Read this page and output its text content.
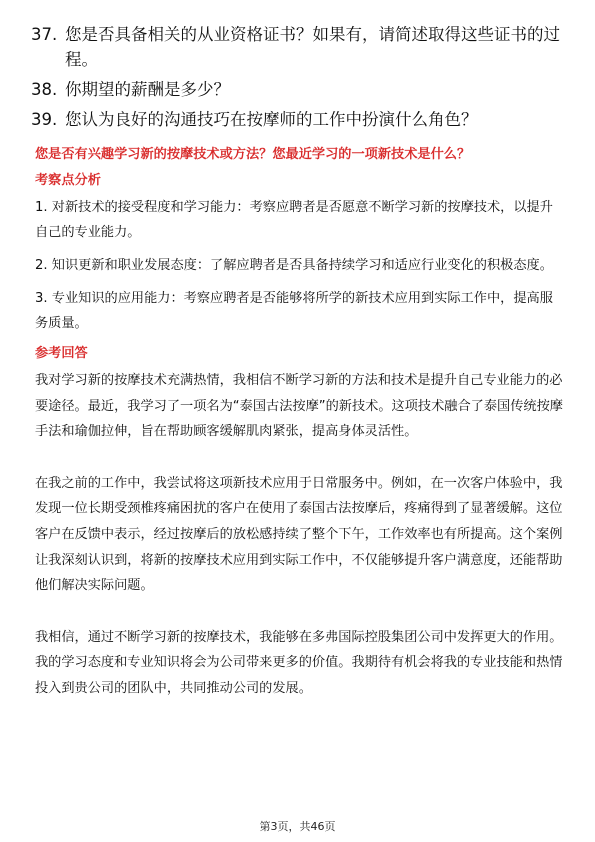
37. 您是否具备相关的从业资格证书？如果有，请简述取得这些证书的过程。
38. 你期望的薪酬是多少？
39. 您认为良好的沟通技巧在按摩师的工作中扮演什么角色？

您是否有兴趣学习新的按摩技术或方法？您最近学习的一项新技术是什么？

考察点分析

1. 对新技术的接受程度和学习能力：考察应聘者是否愿意不断学习新的按摩技术，以提升自己的专业能力。

2. 知识更新和职业发展态度：了解应聘者是否具备持续学习和适应行业变化的积极态度。

3. 专业知识的应用能力：考察应聘者是否能够将所学的新技术应用到实际工作中，提高服务质量。

参考回答

我对学习新的按摩技术充满热情，我相信不断学习新的方法和技术是提升自己专业能力的必要途径。最近，我学习了一项名为“泰国古法按摩”的新技术。这项技术融合了泰国传统按摩手法和瑜伽拉伸，旨在帮助顾客缓解肌肉紧张，提高身体灵活性。

在我之前的工作中，我尝试将这项新技术应用于日常服务中。例如，在一次客户体验中，我发现一位长期受颈椎疼痛困扰的客户在使用了泰国古法按摩后，疼痛得到了显著缓解。这位客户在反馈中表示，经过按摩后的放松感持续了整个下午，工作效率也有所提高。这个案例让我深刻认识到，将新的按摩技术应用到实际工作中，不仅能够提升客户满意度，还能帮助他们解决实际问题。

我相信，通过不断学习新的按摩技术，我能够在多弗国际控股集团公司中发挥更大的作用。我的学习态度和专业知识将会为公司带来更多的价值。我期待有机会将我的专业技能和热情投入到贵公司的团队中，共同推动公司的发展。

第3页，共46页
